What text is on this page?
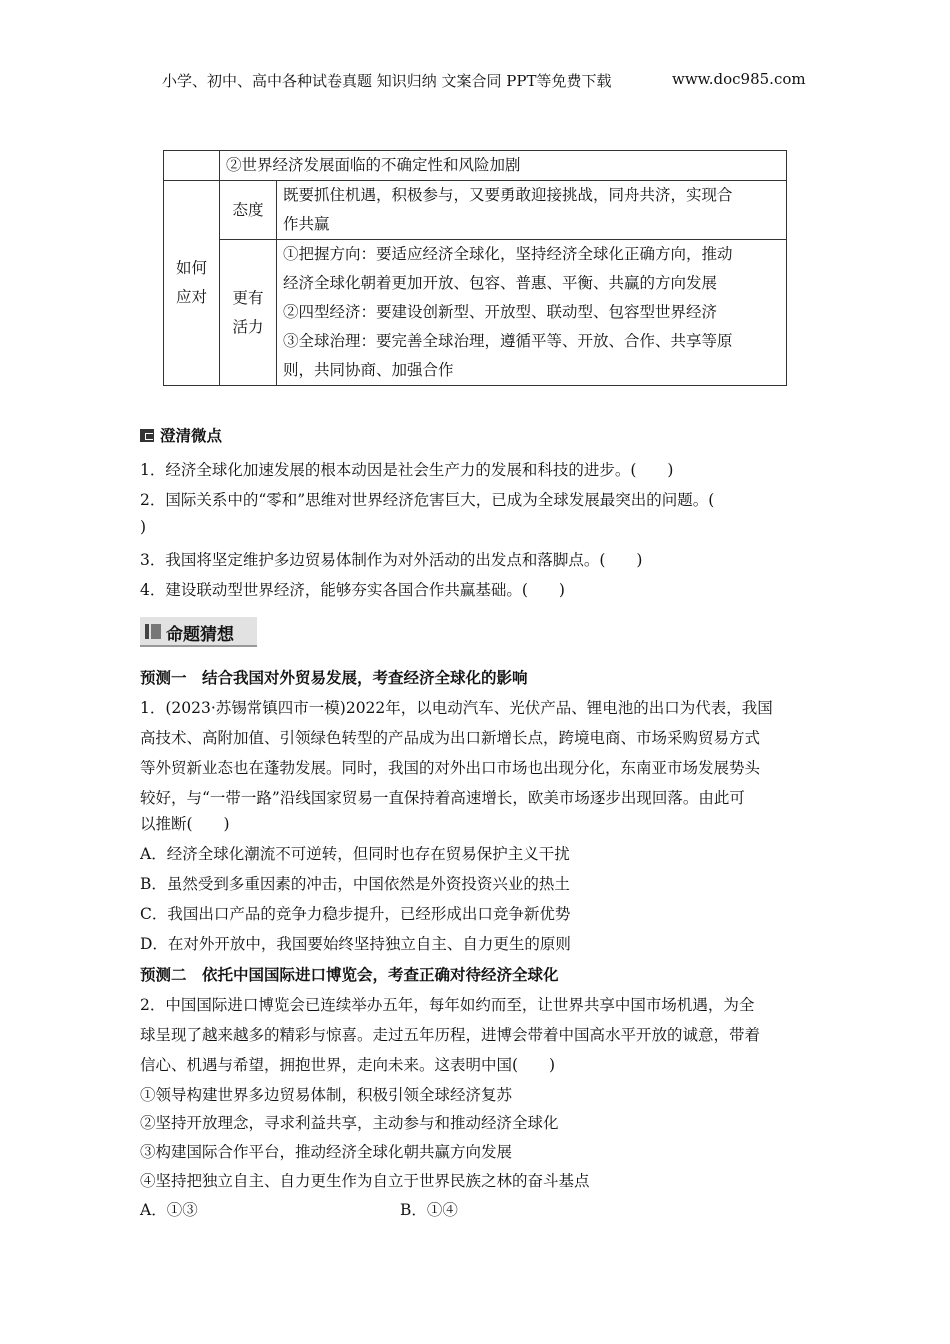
小学、初中、高中各种试卷真题 知识归纳 文案合同 PPT等免费下载	www.doc985.com
	②世界经济发展面临的不确定性和风险加剧	
如何应对	态度	既要抓住机遇，积极参与，又要勇敢迎接挑战，同舟共济，实现合
作共赢

	更有活力	①把握方向：要适应经济全球化，坚持经济全球化正确方向，推动
经济全球化朝着更加开放、包容、普惠、平衡、共赢的方向发展
②四型经济：要建设创新型、开放型、联动型、包容型世界经济
③全球治理：要完善全球治理，遵循平等、开放、合作、共享等原
则，共同协商、加强合作
澄清微点
1．经济全球化加速发展的根本动因是社会生产力的发展和科技的进步。(　　)
2．国际关系中的“零和”思维对世界经济危害巨大，已成为全球发展最突出的问题。(
)
3．我国将坚定维护多边贸易体制作为对外活动的出发点和落脚点。(　　)
4．建设联动型世界经济，能够夯实各国合作共赢基础。(　　)
命题猜想
预测一　结合我国对外贸易发展，考查经济全球化的影响
1．(2023·苏锡常镇四市一模)2022年，以电动汽车、光伏产品、锂电池的出口为代表，我国
高技术、高附加值、引领绿色转型的产品成为出口新增长点，跨境电商、市场采购贸易方式
等外贸新业态也在蓬勃发展。同时，我国的对外出口市场也出现分化，东南亚市场发展势头
较好，与“一带一路”沿线国家贸易一直保持着高速增长，欧美市场逐步出现回落。由此可
以推断(　　)
A．经济全球化潮流不可逆转，但同时也存在贸易保护主义干扰
B．虽然受到多重因素的冲击，中国依然是外资投资兴业的热土
C．我国出口产品的竞争力稳步提升，已经形成出口竞争新优势
D．在对外开放中，我国要始终坚持独立自主、自力更生的原则
预测二　依托中国国际进口博览会，考查正确对待经济全球化
2．中国国际进口博览会已连续举办五年，每年如约而至，让世界共享中国市场机遇，为全
球呈现了越来越多的精彩与惊喜。走过五年历程，进博会带着中国高水平开放的诚意，带着
信心、机遇与希望，拥抱世界，走向未来。这表明中国(　　)
①领导构建世界多边贸易体制，积极引领全球经济复苏
②坚持开放理念，寻求利益共享，主动参与和推动经济全球化
③构建国际合作平台，推动经济全球化朝共赢方向发展
④坚持把独立自主、自力更生作为自立于世界民族之林的奋斗基点
A．①③	B．①④
